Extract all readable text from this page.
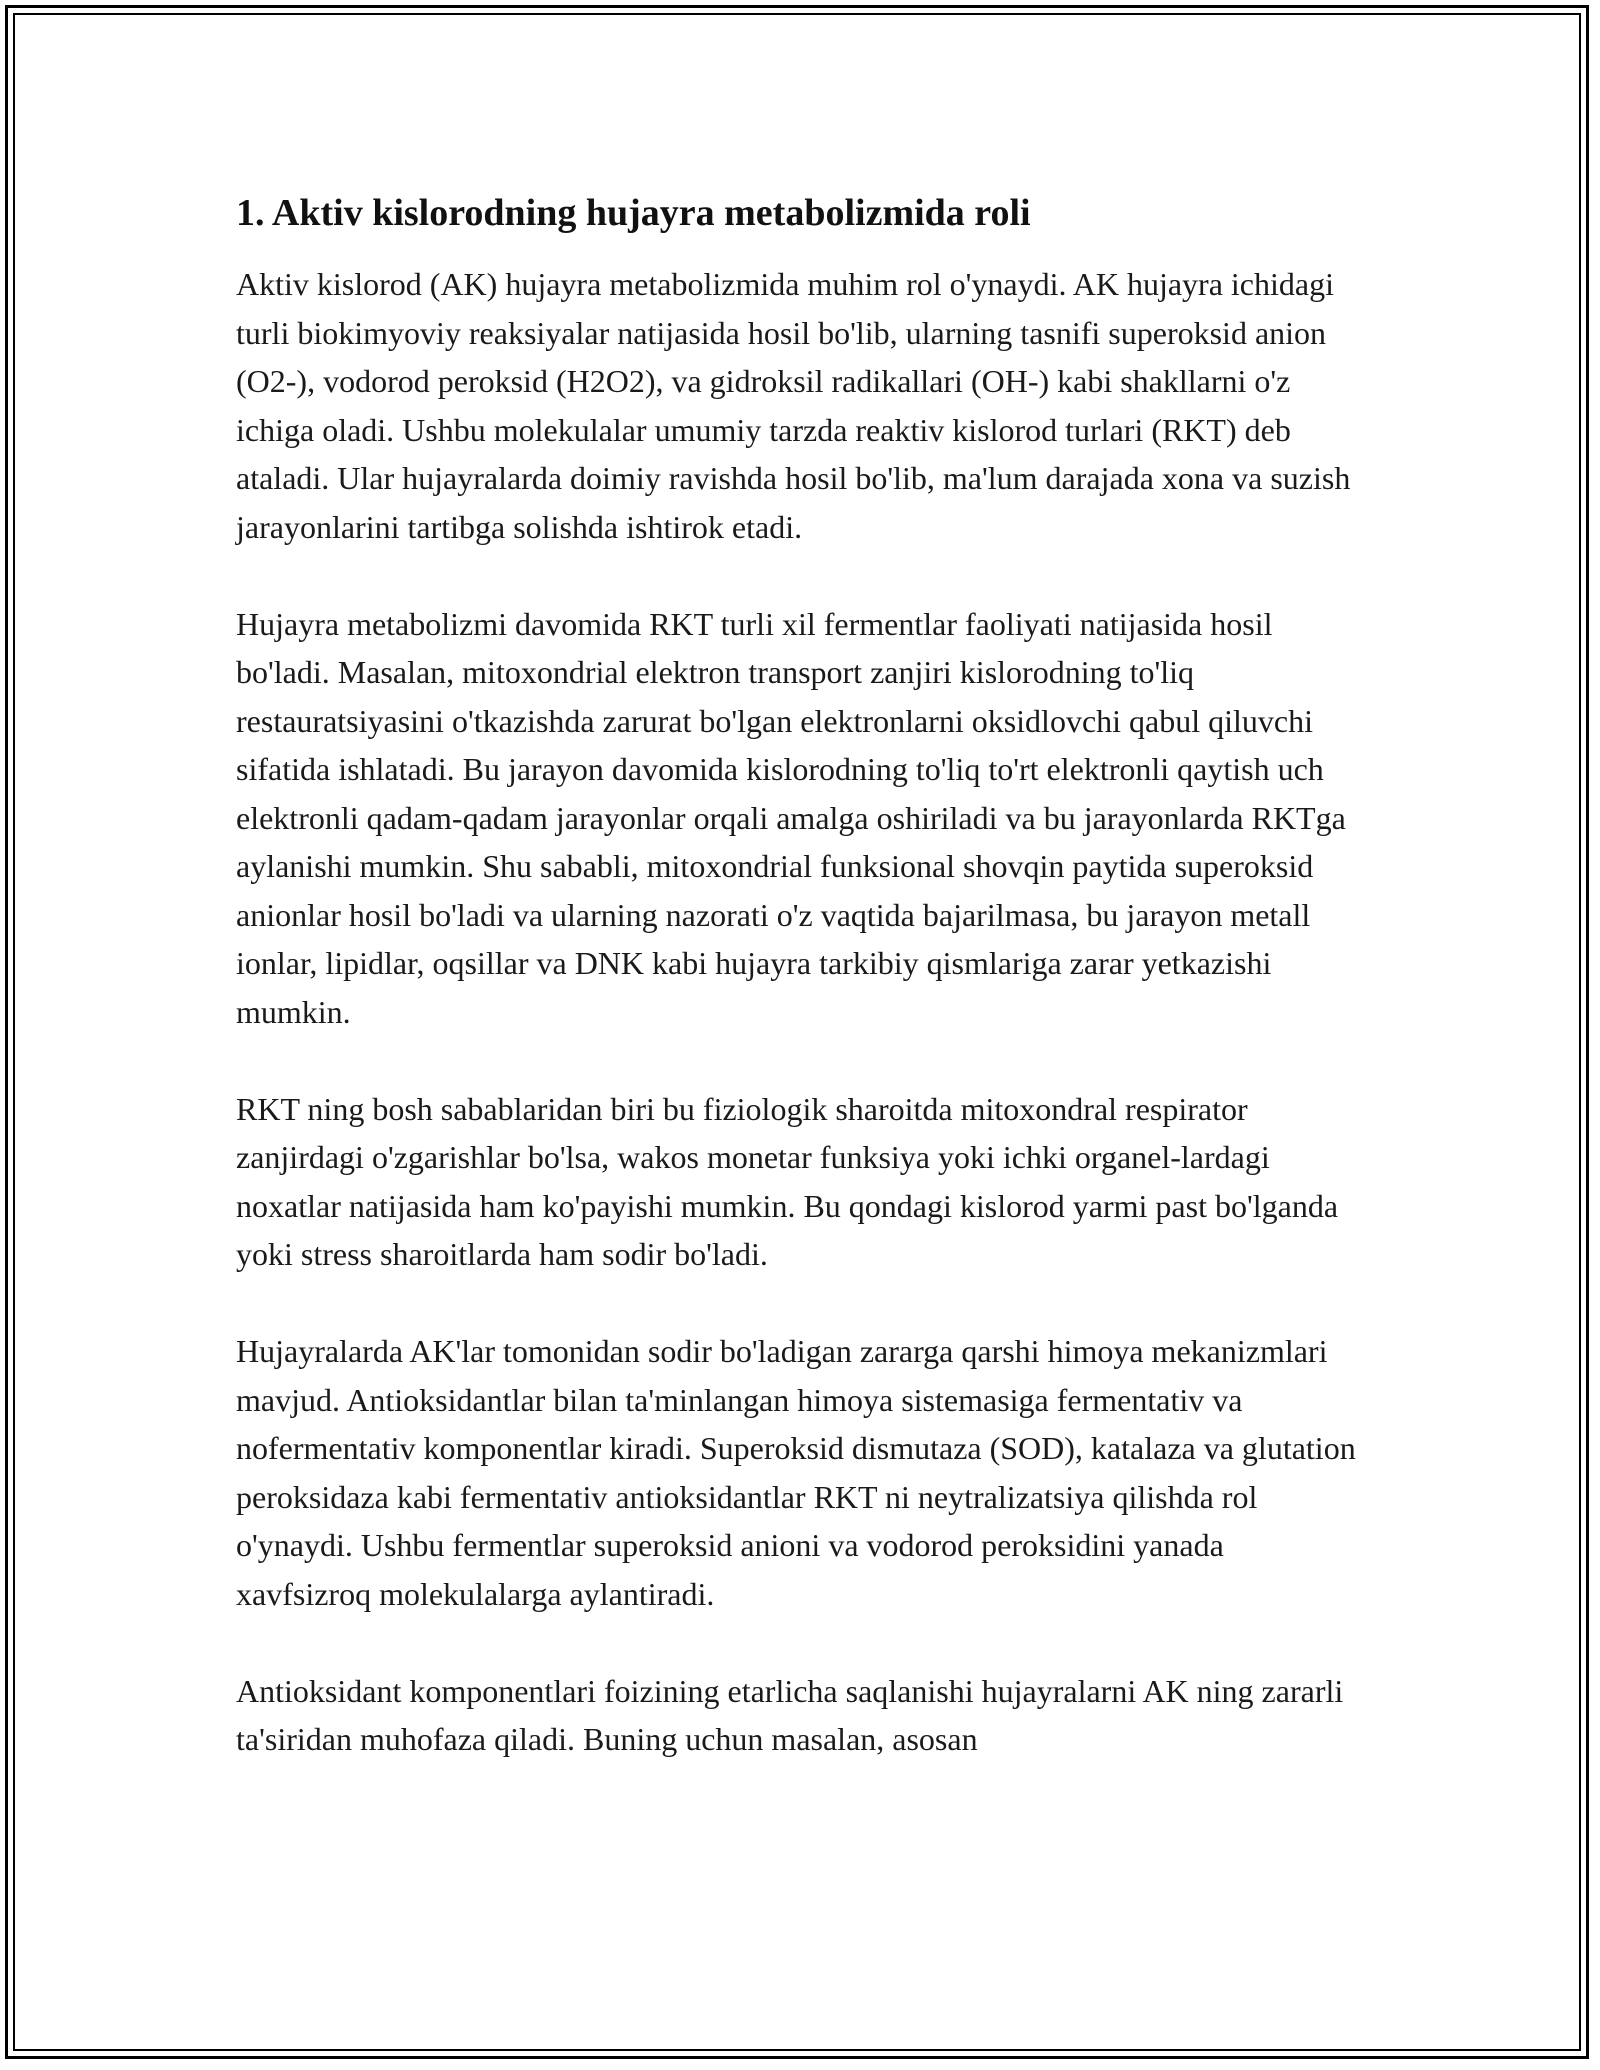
1. Aktiv kislorodning hujayra metabolizmida roli

Aktiv kislorod (AK) hujayra metabolizmida muhim rol o'ynaydi. AK hujayra ichidagi turli biokimyoviy reaksiyalar natijasida hosil bo'lib, ularning tasnifi superoksid anion (O2-), vodorod peroksid (H2O2), va gidroksil radikallari (OH-) kabi shakllarni o'z ichiga oladi. Ushbu molekulalar umumiy tarzda reaktiv kislorod turlari (RKT) deb ataladi. Ular hujayralarda doimiy ravishda hosil bo'lib, ma'lum darajada xona va suzish jarayonlarini tartibga solishda ishtirok etadi.

Hujayra metabolizmi davomida RKT turli xil fermentlar faoliyati natijasida hosil bo'ladi. Masalan, mitoxondrial elektron transport zanjiri kislorodning to'liq restauratsiyasini o'tkazishda zarurat bo'lgan elektronlarni oksidlovchi qabul qiluvchi sifatida ishlatadi. Bu jarayon davomida kislorodning to'liq to'rt elektronli qaytish uch elektronli qadam-qadam jarayonlar orqali amalga oshiriladi va bu jarayonlarda RKTga aylanishi mumkin. Shu sababli, mitoxondrial funksional shovqin paytida superoksid anionlar hosil bo'ladi va ularning nazorati o'z vaqtida bajarilmasa, bu jarayon metall ionlar, lipidlar, oqsillar va DNK kabi hujayra tarkibiy qismlariga zarar yetkazishi mumkin.

RKT ning bosh sabablaridan biri bu fiziologik sharoitda mitoxondral respirator zanjirdagi o'zgarishlar bo'lsa, wakos monetar funksiya yoki ichki organel-lardagi noxatlar natijasida ham ko'payishi mumkin. Bu qondagi kislorod yarmi past bo'lganda yoki stress sharoitlarda ham sodir bo'ladi.

Hujayralarda AK'lar tomonidan sodir bo'ladigan zararga qarshi himoya mekanizmlari mavjud. Antioksidantlar bilan ta'minlangan himoya sistemasiga fermentativ va nofermentativ komponentlar kiradi. Superoksid dismutaza (SOD), katalaza va glutation peroksidaza kabi fermentativ antioksidantlar RKT ni neytralizatsiya qilishda rol o'ynaydi. Ushbu fermentlar superoksid anioni va vodorod peroksidini yanada xavfsizroq molekulalarga aylantiradi.

Antioksidant komponentlari foizining etarlicha saqlanishi hujayralarni AK ning zararli ta'siridan muhofaza qiladi. Buning uchun masalan, asosan
